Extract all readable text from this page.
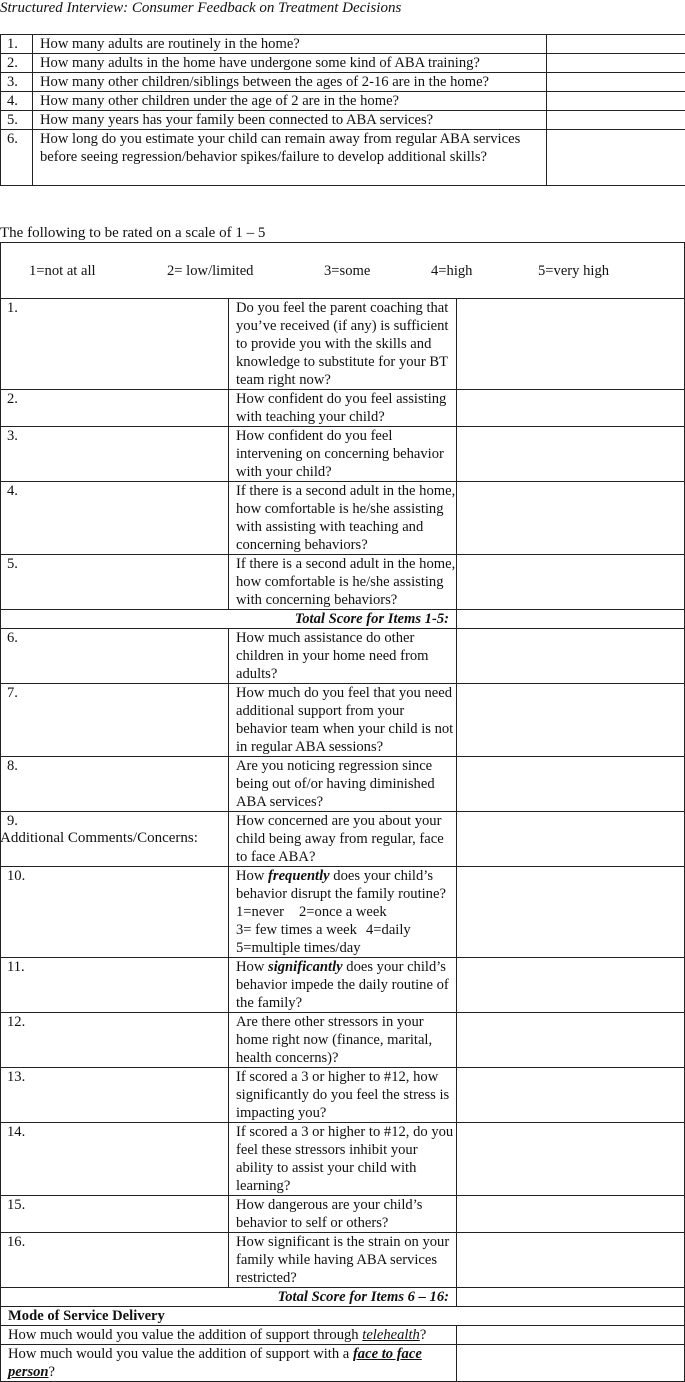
Structured Interview: Consumer Feedback on Treatment Decisions
1.	How many adults are routinely in the home?	
2.	How many adults in the home have undergone some kind of ABA training?	
3.	How many other children/siblings between the ages of 2-16 are in the home?	
4.	How many other children under the age of 2 are in the home?	
5.	How many years has your family been connected to ABA services?	
6.	How long do you estimate your child can remain away from regular ABA services before seeing regression/behavior spikes/failure to develop additional skills?	
The following to be rated on a scale of 1 – 5
1=not at all 2= low/limited 3=some 4=high 5=very high		

1.	Do you feel the parent coaching that you’ve received (if any) is sufficient to provide you with the skills and knowledge to substitute for your BT team right now?	
2.	How confident do you feel assisting with teaching your child?	
3.	How confident do you feel intervening on concerning behavior with your child?	
4.	If there is a second adult in the home, how comfortable is he/she assisting with assisting with teaching and concerning behaviors?	
5.	If there is a second adult in the home, how comfortable is he/she assisting with concerning behaviors?	
Total Score for Items 1-5:		
6.	How much assistance do other children in your home need from adults?	
7.	How much do you feel that you need additional support from your behavior team when your child is not in regular ABA sessions?	
8.	Are you noticing regression since being out of/or having diminished ABA services?	
9.	How concerned are you about your child being away from regular, face to face ABA?	
10.	How frequently does your child’s behavior disrupt the family routine?
1=never 2=once a week3= few times a week 4=daily5=multiple times/day	
11.	How significantly does your child’s behavior impede the daily routine of the family?	
12.	Are there other stressors in your home right now (finance, marital, health concerns)?	
13.	If scored a 3 or higher to #12, how significantly do you feel the stress is impacting you?	
14.	If scored a 3 or higher to #12, do you feel these stressors inhibit your ability to assist your child with learning?	
15.	How dangerous are your child’s behavior to self or others?	
16.	How significant is the strain on your family while having ABA services restricted?	
Total Score for Items 6 – 16:		
Mode of Service Delivery		
How much would you value the addition of support through telehealth?		
How much would you value the addition of support with a face to face person?		
Additional Comments/Concerns:
